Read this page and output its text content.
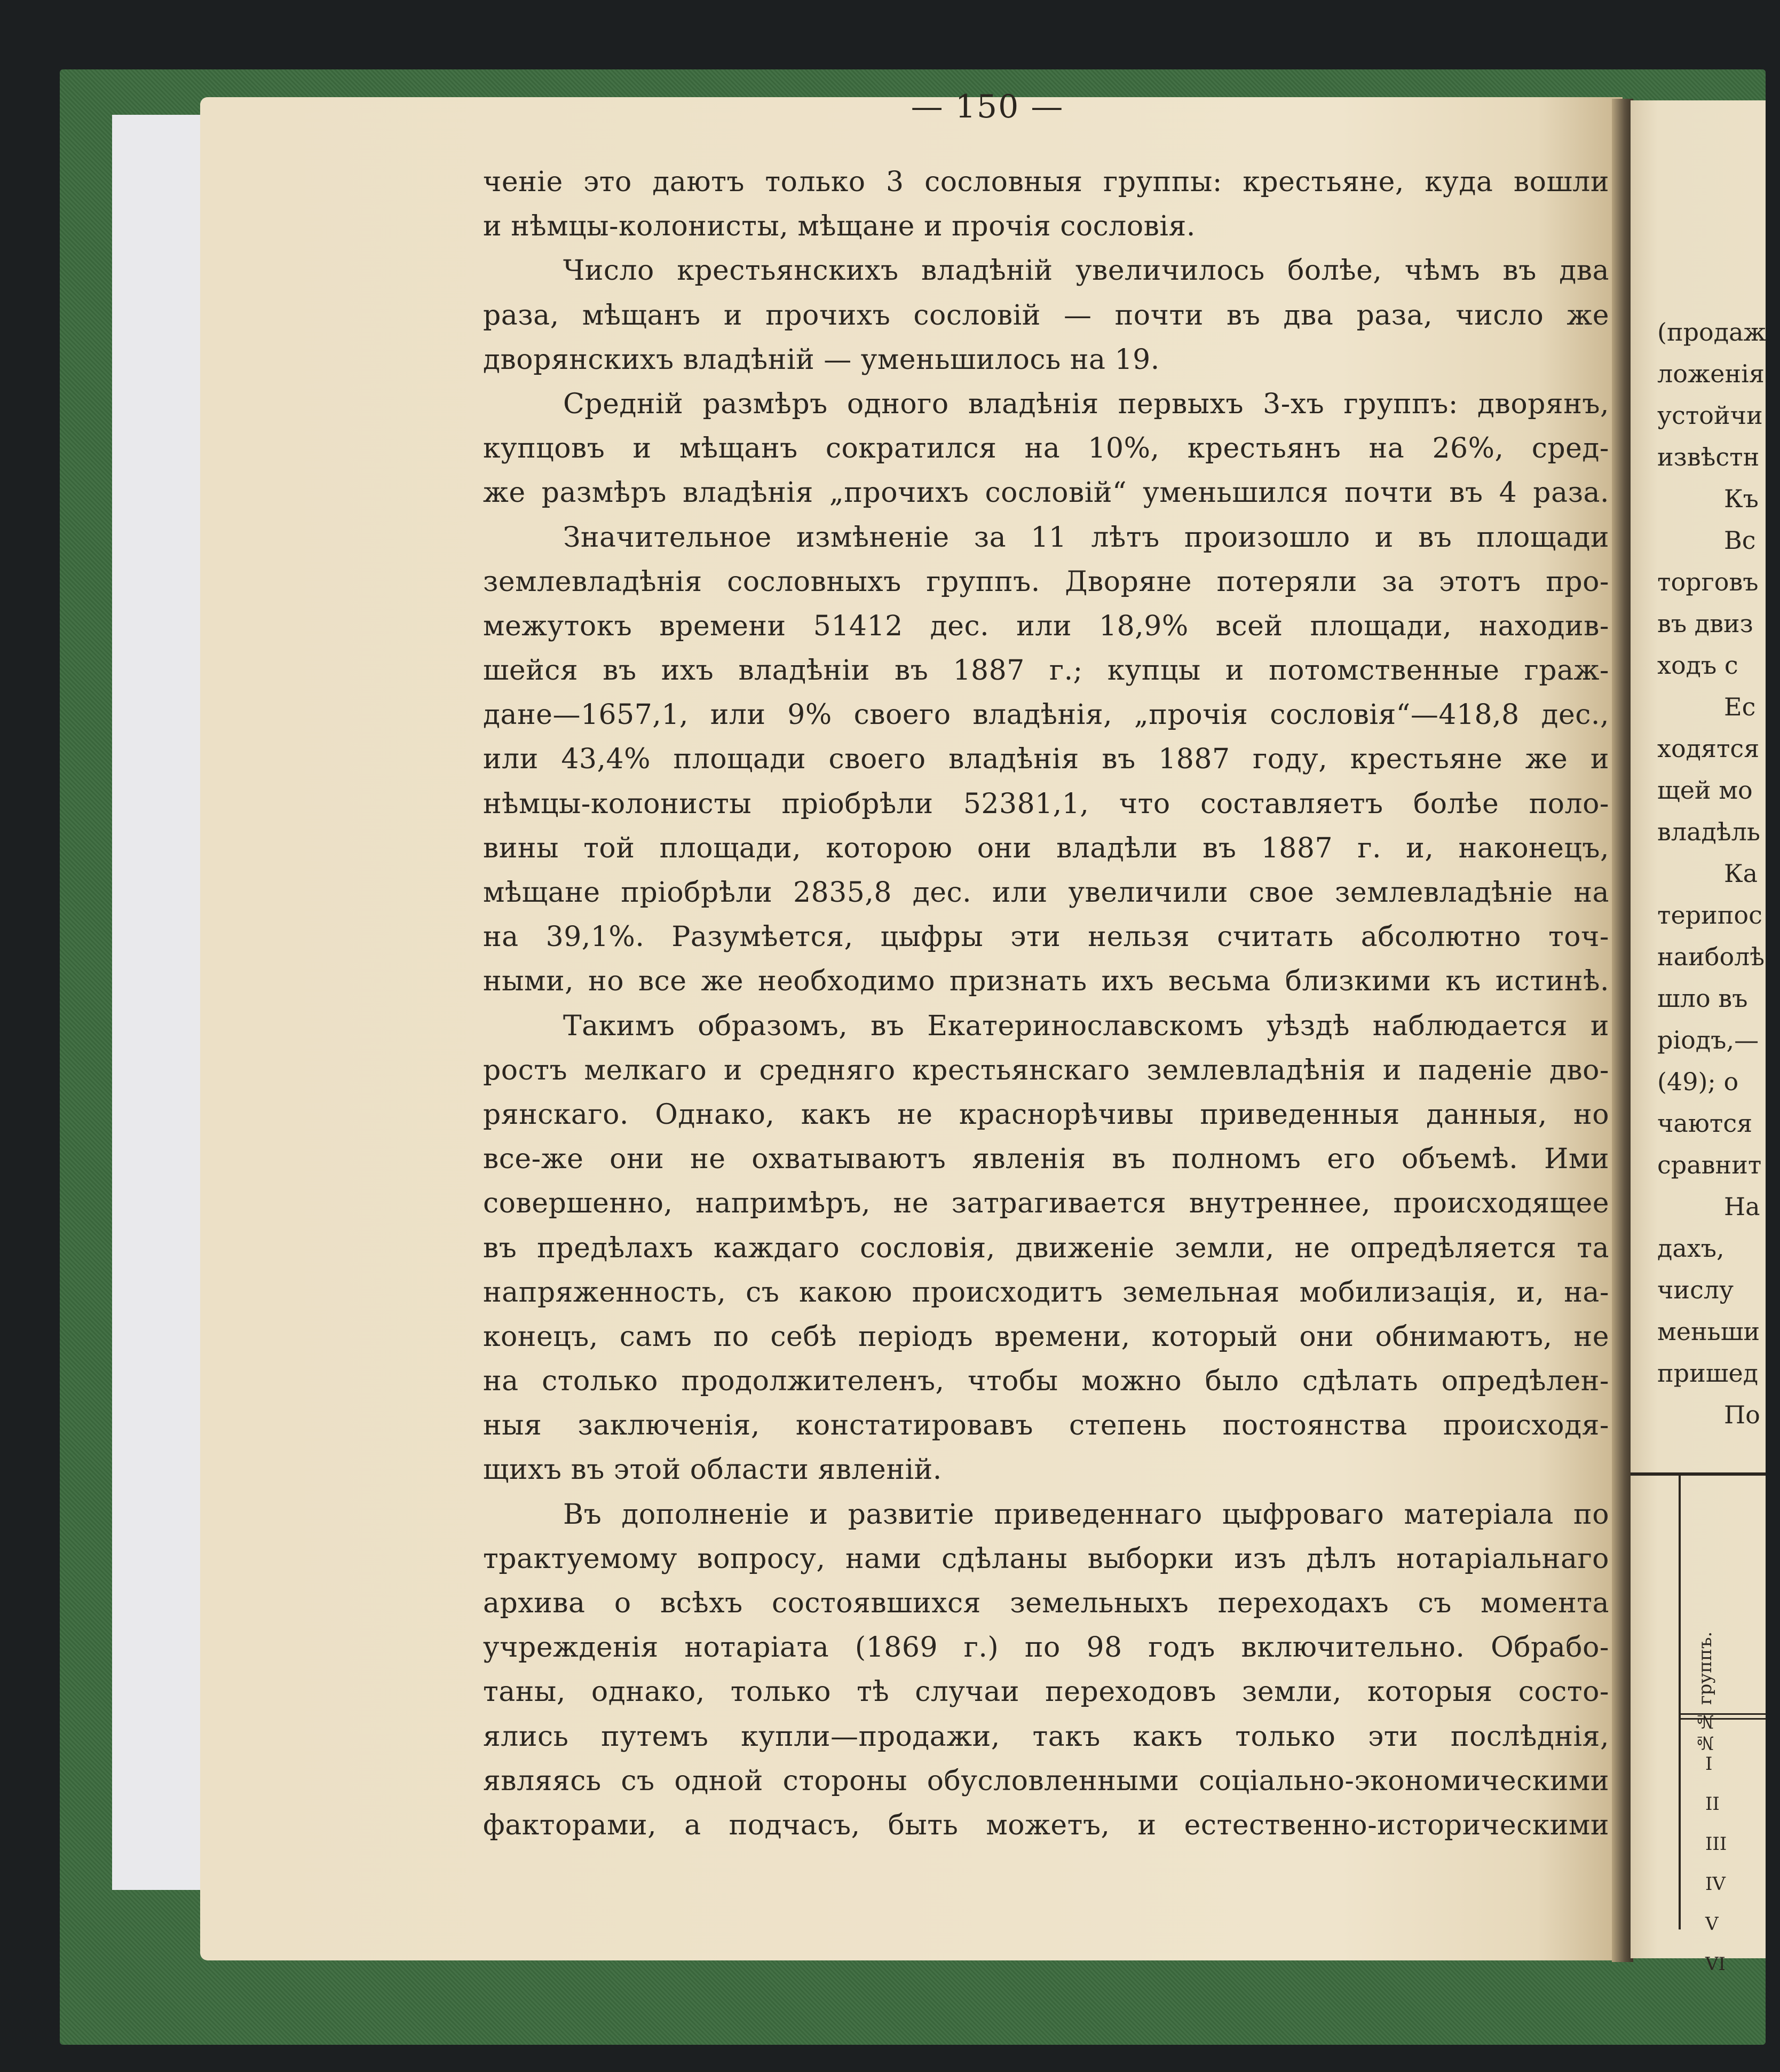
(продаж
ложенія
устойчи
извѣстн
Къ
Вс
торговъ
въ двиз
ходъ с
Ес
ходятся
щей мо
владѣль
Ка
терипос
наиболѣ
шло въ
ріодъ,—
(49); о
чаются
сравнит
На
дахъ,
числу
меньши
пришед
По
№№ группъ.
I
II
III
IV
V
VI
— 150 —
ченіе это даютъ только 3 сословныя группы: крестьяне, куда вошли
и нѣмцы-колонисты, мѣщане и прочія сословія.
Число крестьянскихъ владѣній увеличилось болѣе, чѣмъ въ два
раза, мѣщанъ и прочихъ сословій — почти въ два раза, число же
дворянскихъ владѣній — уменьшилось на 19.
Средній размѣръ одного владѣнія первыхъ 3-хъ группъ: дворянъ,
купцовъ и мѣщанъ сократился на 10%, крестьянъ на 26%, сред-
же размѣръ владѣнія „прочихъ сословій“ уменьшился почти въ 4 раза.
Значительное измѣненіе за 11 лѣтъ произошло и въ площади
землевладѣнія сословныхъ группъ. Дворяне потеряли за этотъ про-
межутокъ времени 51412 дес. или 18,9% всей площади, находив-
шейся въ ихъ владѣніи въ 1887 г.; купцы и потомственные граж-
дане—1657,1, или 9% своего владѣнія, „прочія сословія“—418,8 дес.,
или 43,4% площади своего владѣнія въ 1887 году, крестьяне же и
нѣмцы-колонисты пріобрѣли 52381,1, что составляетъ болѣе поло-
вины той площади, которою они владѣли въ 1887 г. и, наконецъ,
мѣщане пріобрѣли 2835,8 дес. или увеличили свое землевладѣніе на
на 39,1%. Разумѣется, цыфры эти нельзя считать абсолютно точ-
ными, но все же необходимо признать ихъ весьма близкими къ истинѣ.
Такимъ образомъ, въ Екатеринославскомъ уѣздѣ наблюдается и
ростъ мелкаго и средняго крестьянскаго землевладѣнія и паденіе дво-
рянскаго. Однако, какъ не краснорѣчивы приведенныя данныя, но
все-же они не охватываютъ явленія въ полномъ его объемѣ. Ими
совершенно, напримѣръ, не затрагивается внутреннее, происходящее
въ предѣлахъ каждаго сословія, движеніе земли, не опредѣляется та
напряженность, съ какою происходитъ земельная мобилизація, и, на-
конецъ, самъ по себѣ періодъ времени, который они обнимаютъ, не
на столько продолжителенъ, чтобы можно было сдѣлать опредѣлен-
ныя заключенія, констатировавъ степень постоянства происходя-
щихъ въ этой области явленій.
Въ дополненіе и развитіе приведеннаго цыфроваго матеріала по
трактуемому вопросу, нами сдѣланы выборки изъ дѣлъ нотаріальнаго
архива о всѣхъ состоявшихся земельныхъ переходахъ съ момента
учрежденія нотаріата (1869 г.) по 98 годъ включительно. Обрабо-
таны, однако, только тѣ случаи переходовъ земли, которыя состо-
ялись путемъ купли—продажи, такъ какъ только эти послѣднія,
являясь съ одной стороны обусловленными соціально-экономическими
факторами, а подчасъ, быть можетъ, и естественно-историческими
